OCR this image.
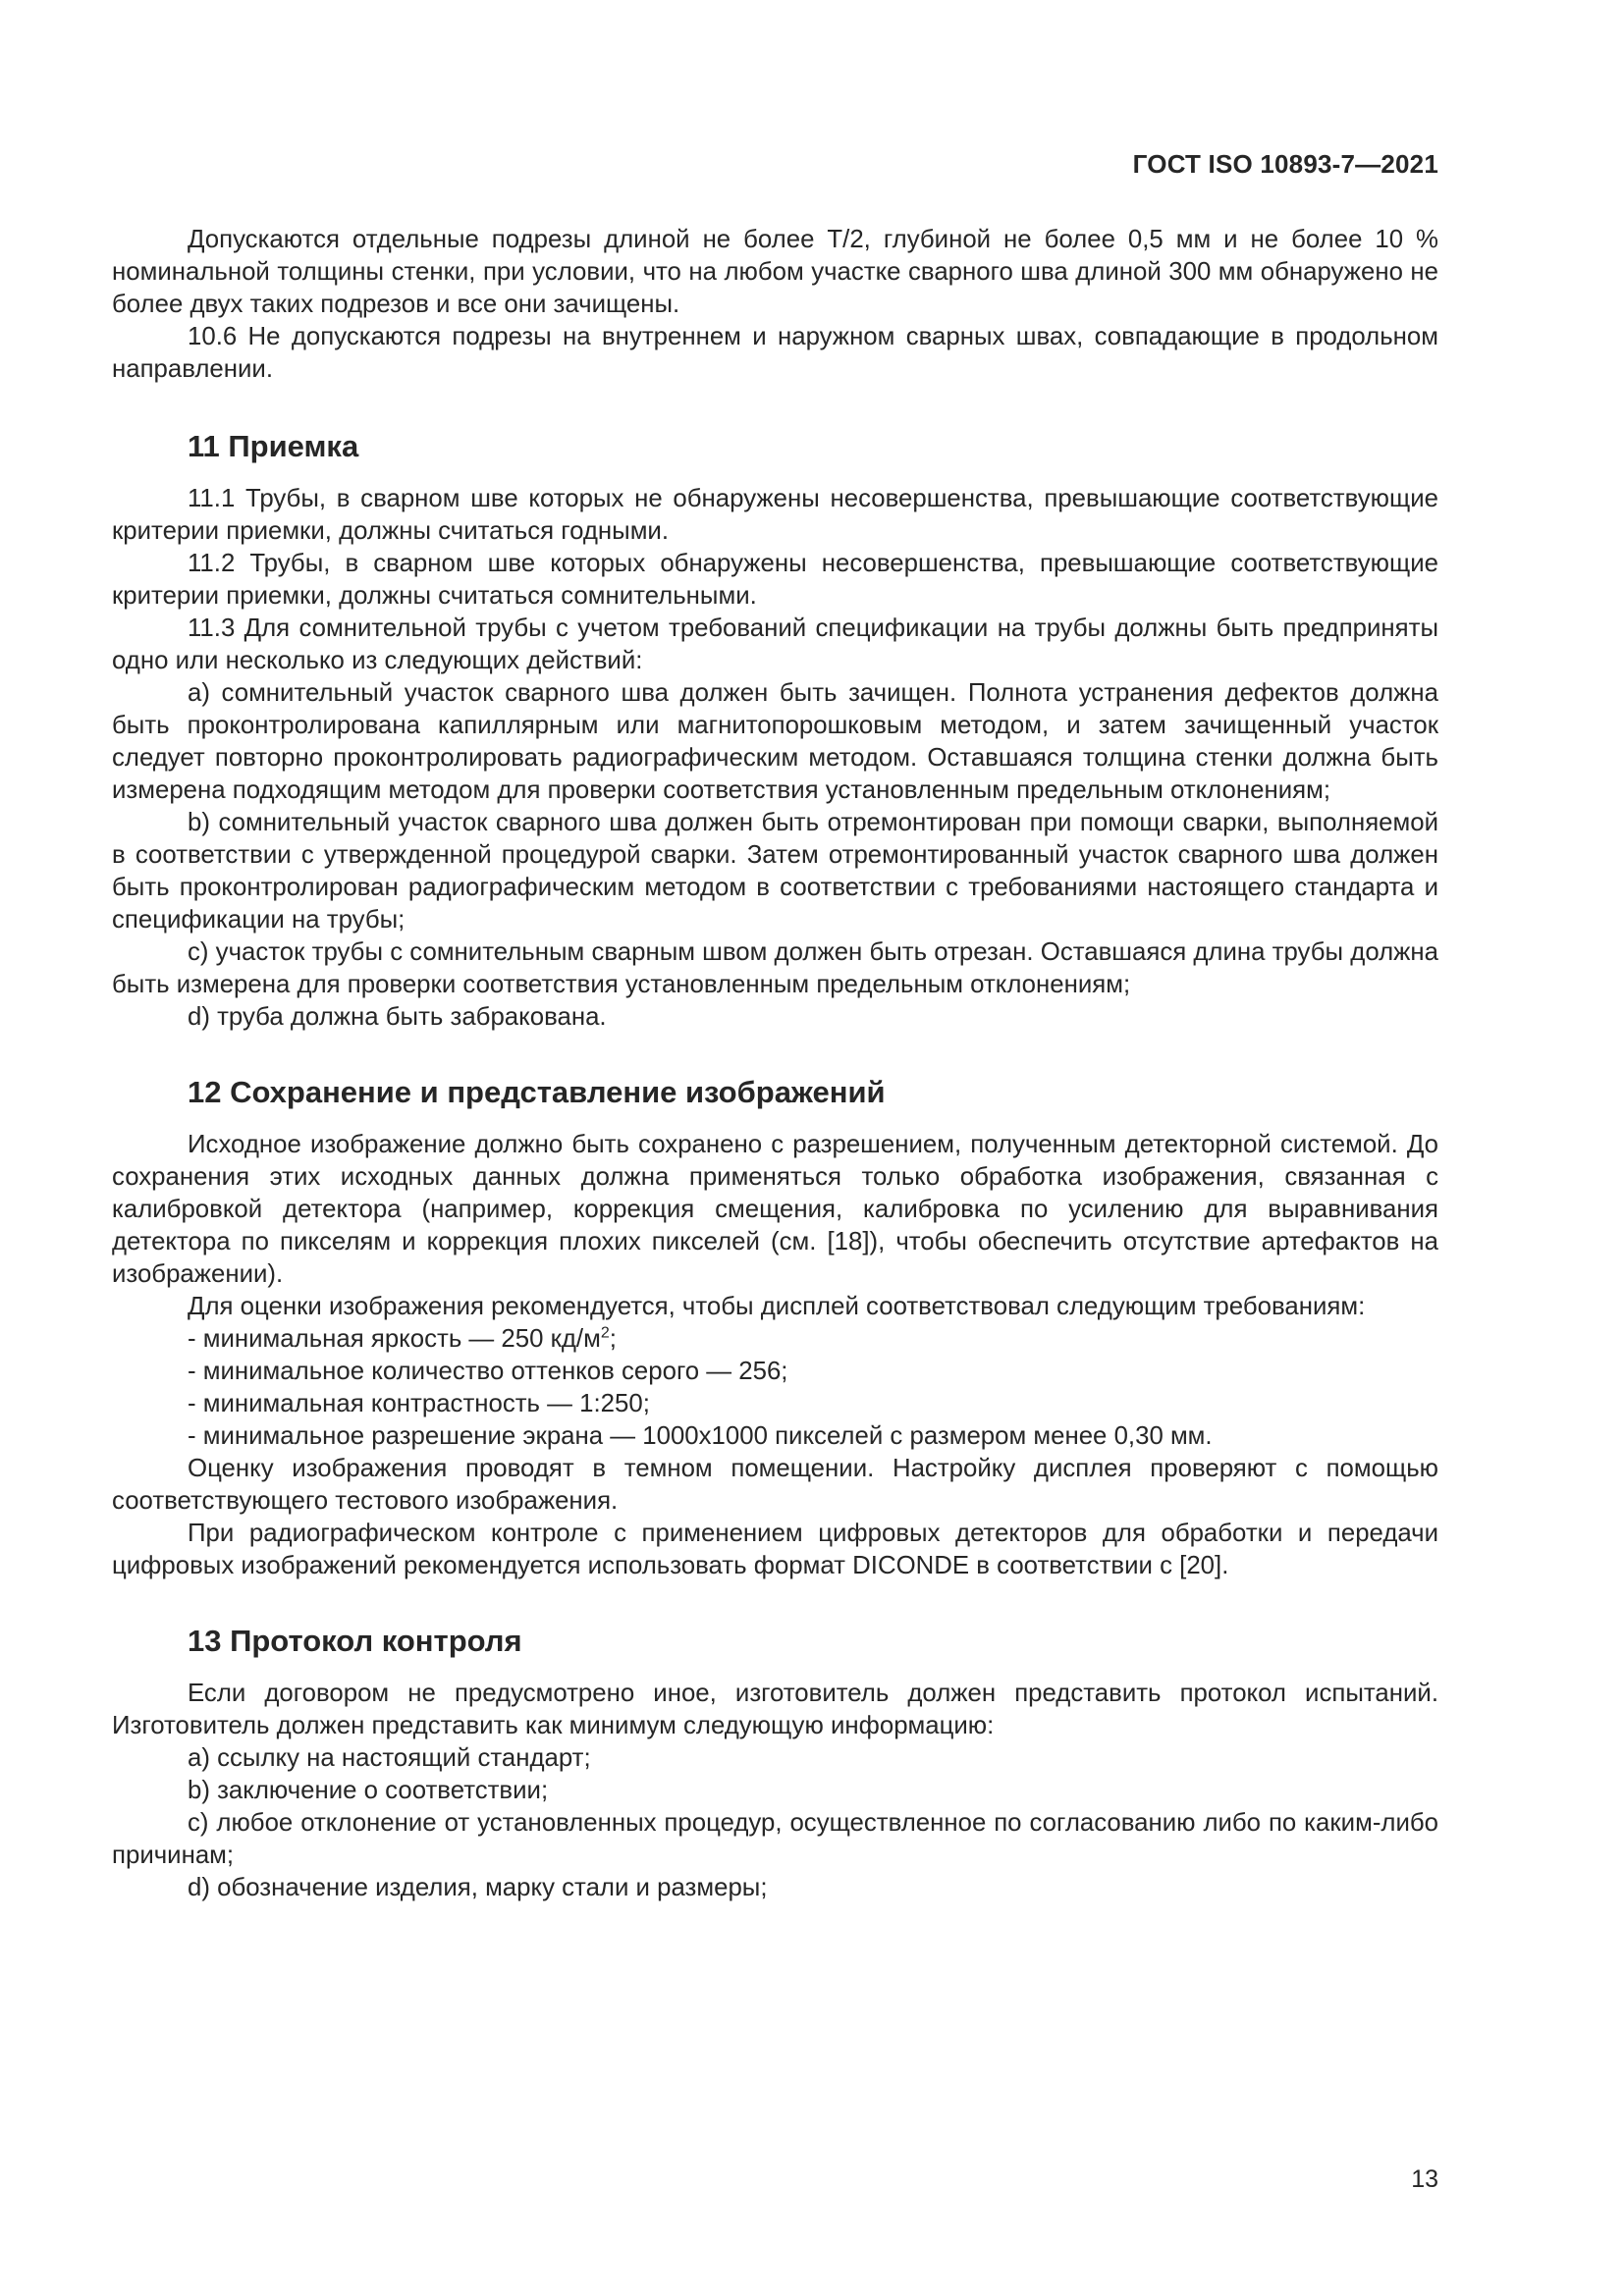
ГОСТ ISO 10893-7—2021

Допускаются отдельные подрезы длиной не более T/2, глубиной не более 0,5 мм и не более 10 % номинальной толщины стенки, при условии, что на любом участке сварного шва длиной 300 мм обнаружено не более двух таких подрезов и все они зачищены.

10.6 Не допускаются подрезы на внутреннем и наружном сварных швах, совпадающие в продольном направлении.

11 Приемка

11.1 Трубы, в сварном шве которых не обнаружены несовершенства, превышающие соответствующие критерии приемки, должны считаться годными.

11.2 Трубы, в сварном шве которых обнаружены несовершенства, превышающие соответствующие критерии приемки, должны считаться сомнительными.

11.3 Для сомнительной трубы с учетом требований спецификации на трубы должны быть предприняты одно или несколько из следующих действий:

a) сомнительный участок сварного шва должен быть зачищен. Полнота устранения дефектов должна быть проконтролирована капиллярным или магнитопорошковым методом, и затем зачищенный участок следует повторно проконтролировать радиографическим методом. Оставшаяся толщина стенки должна быть измерена подходящим методом для проверки соответствия установленным предельным отклонениям;

b) сомнительный участок сварного шва должен быть отремонтирован при помощи сварки, выполняемой в соответствии с утвержденной процедурой сварки. Затем отремонтированный участок сварного шва должен быть проконтролирован радиографическим методом в соответствии с требованиями настоящего стандарта и спецификации на трубы;

c) участок трубы с сомнительным сварным швом должен быть отрезан. Оставшаяся длина трубы должна быть измерена для проверки соответствия установленным предельным отклонениям;

d) труба должна быть забракована.

12 Сохранение и представление изображений

Исходное изображение должно быть сохранено с разрешением, полученным детекторной системой. До сохранения этих исходных данных должна применяться только обработка изображения, связанная с калибровкой детектора (например, коррекция смещения, калибровка по усилению для выравнивания детектора по пикселям и коррекция плохих пикселей (см. [18]), чтобы обеспечить отсутствие артефактов на изображении).

Для оценки изображения рекомендуется, чтобы дисплей соответствовал следующим требованиям:

- минимальная яркость — 250 $кд/м^2$;

- минимальное количество оттенков серого — 256;

- минимальная контрастность — 1:250;

- минимальное разрешение экрана — 1000x1000 пикселей с размером менее 0,30 мм.

Оценку изображения проводят в темном помещении. Настройку дисплея проверяют с помощью соответствующего тестового изображения.

При радиографическом контроле с применением цифровых детекторов для обработки и передачи цифровых изображений рекомендуется использовать формат DICONDE в соответствии с [20].

13 Протокол контроля

Если договором не предусмотрено иное, изготовитель должен представить протокол испытаний. Изготовитель должен представить как минимум следующую информацию:

a) ссылку на настоящий стандарт;

b) заключение о соответствии;

c) любое отклонение от установленных процедур, осуществленное по согласованию либо по каким-либо причинам;

d) обозначение изделия, марку стали и размеры;

13
